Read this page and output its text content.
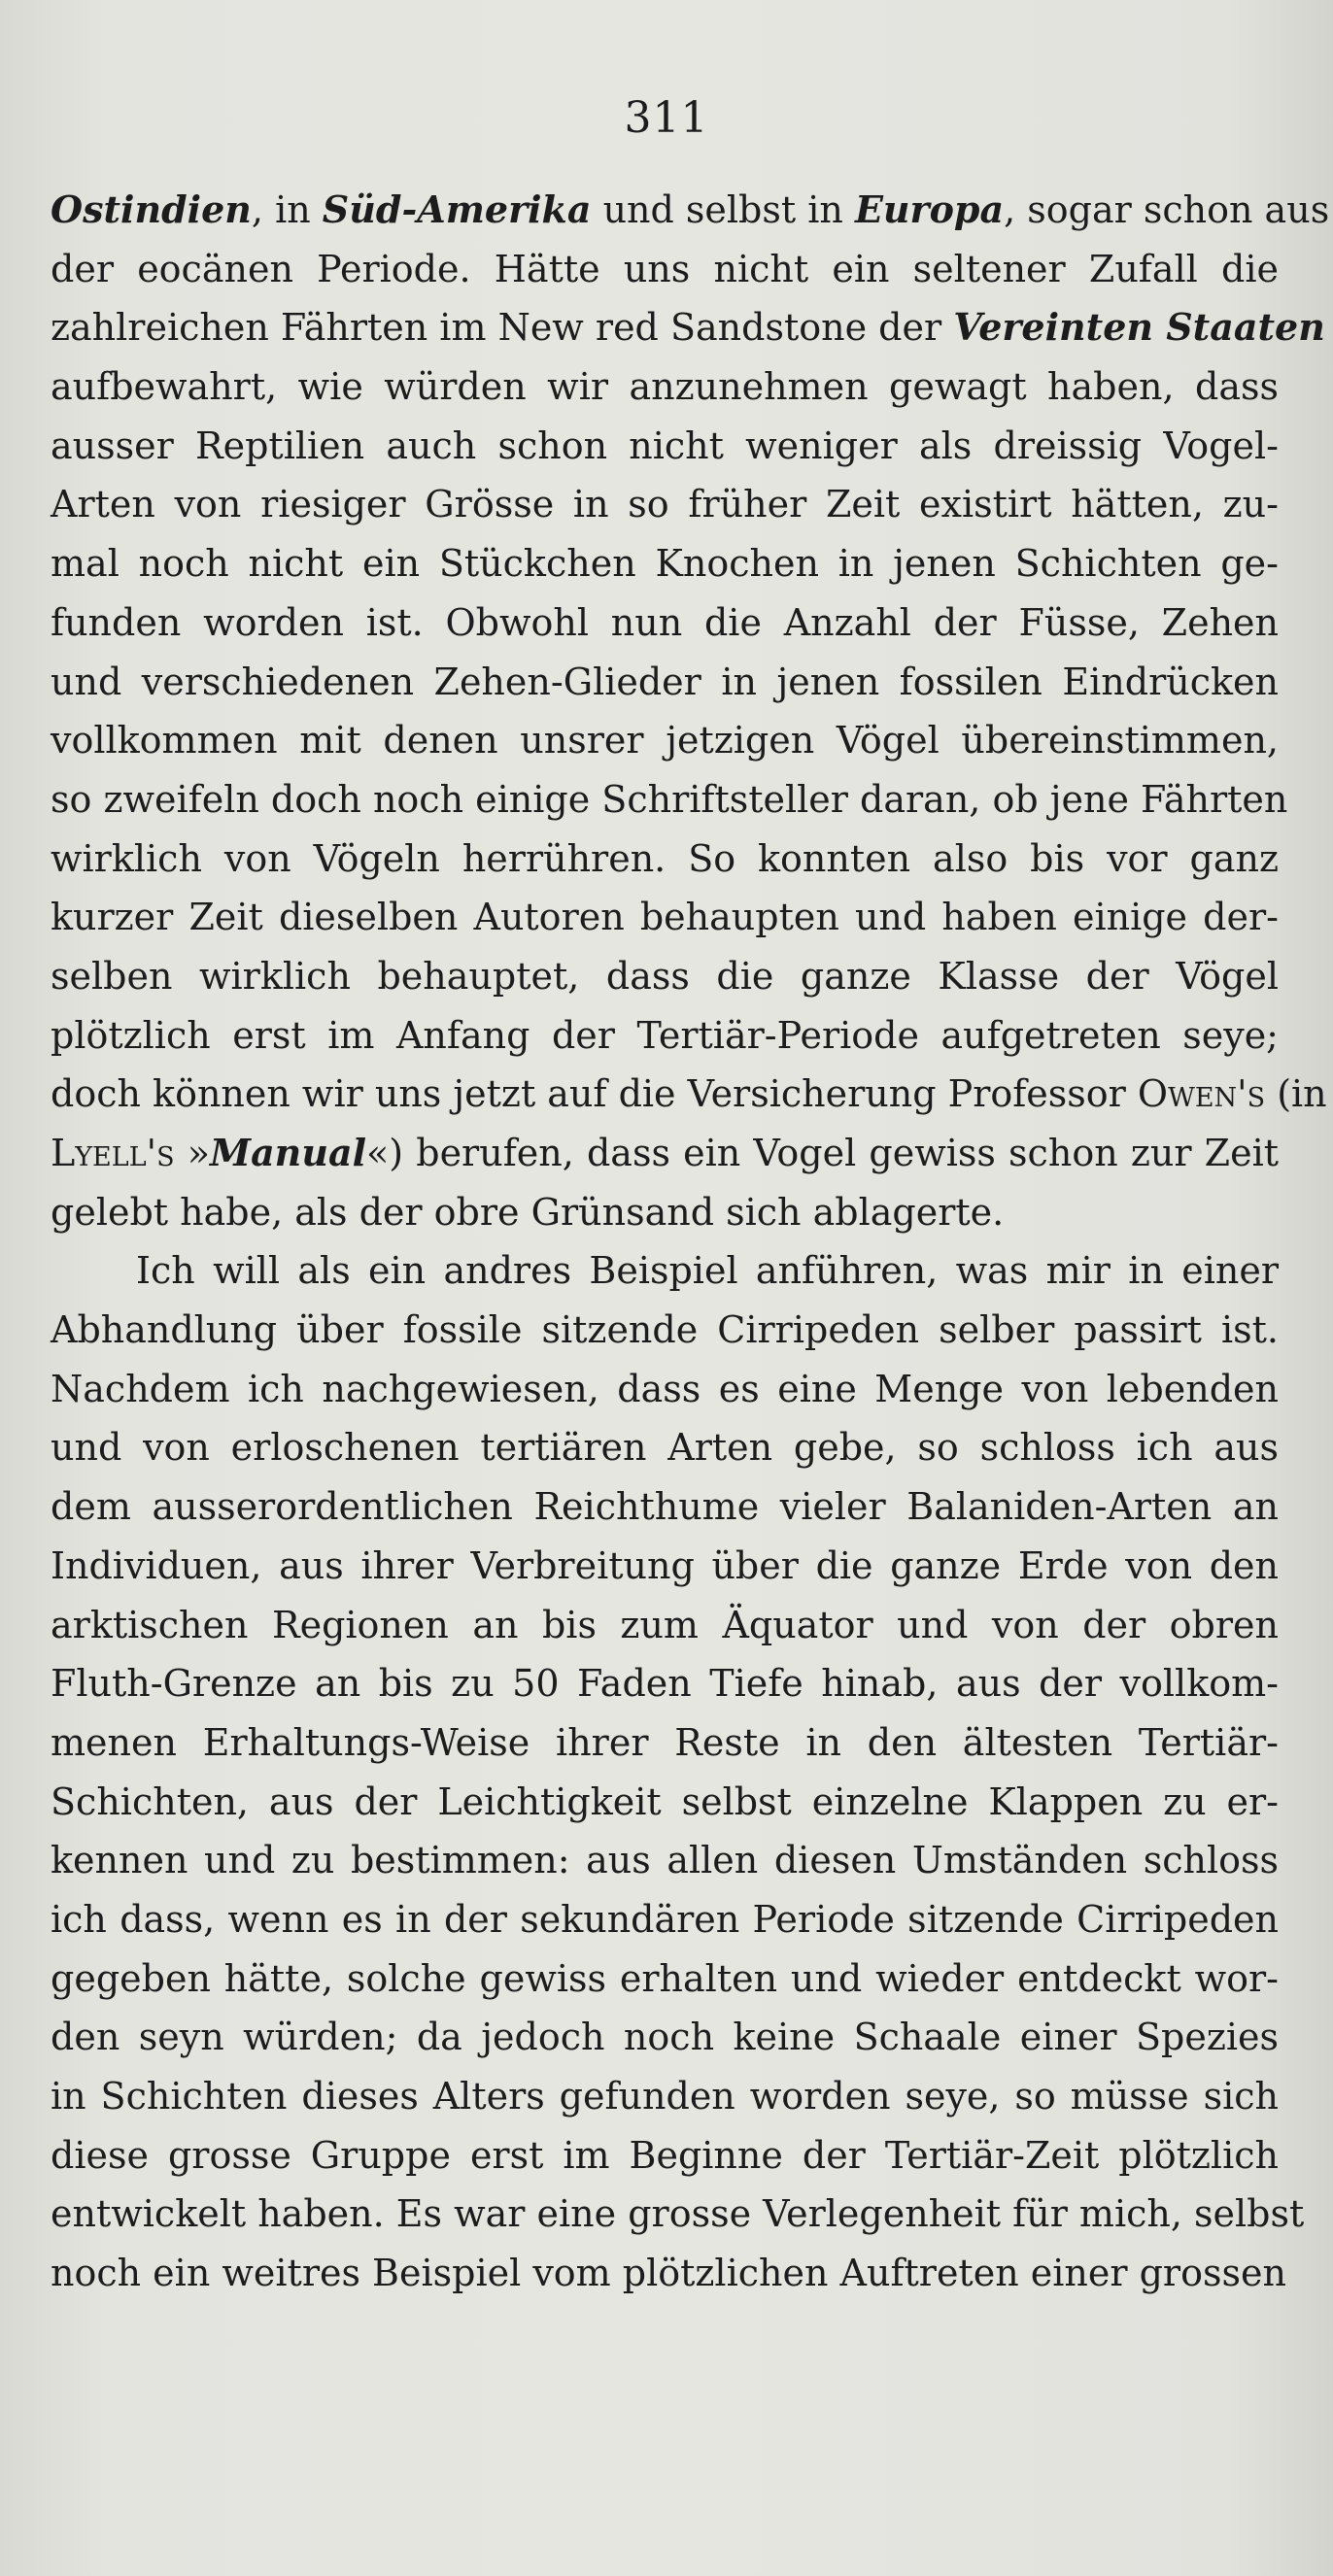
311
Ostindien, in Süd-Amerika und selbst in Europa, sogar schon aus
der eocänen Periode. Hätte uns nicht ein seltener Zufall die
zahlreichen Fährten im New red Sandstone der Vereinten Staaten
aufbewahrt, wie würden wir anzunehmen gewagt haben, dass
ausser Reptilien auch schon nicht weniger als dreissig Vogel-
Arten von riesiger Grösse in so früher Zeit existirt hätten, zu-
mal noch nicht ein Stückchen Knochen in jenen Schichten ge-
funden worden ist. Obwohl nun die Anzahl der Füsse, Zehen
und verschiedenen Zehen-Glieder in jenen fossilen Eindrücken
vollkommen mit denen unsrer jetzigen Vögel übereinstimmen,
so zweifeln doch noch einige Schriftsteller daran, ob jene Fährten
wirklich von Vögeln herrühren. So konnten also bis vor ganz
kurzer Zeit dieselben Autoren behaupten und haben einige der-
selben wirklich behauptet, dass die ganze Klasse der Vögel
plötzlich erst im Anfang der Tertiär-Periode aufgetreten seye;
doch können wir uns jetzt auf die Versicherung Professor Owen's (in
Lyell's »Manual«) berufen, dass ein Vogel gewiss schon zur Zeit
gelebt habe, als der obre Grünsand sich ablagerte.
Ich will als ein andres Beispiel anführen, was mir in einer
Abhandlung über fossile sitzende Cirripeden selber passirt ist.
Nachdem ich nachgewiesen, dass es eine Menge von lebenden
und von erloschenen tertiären Arten gebe, so schloss ich aus
dem ausserordentlichen Reichthume vieler Balaniden-Arten an
Individuen, aus ihrer Verbreitung über die ganze Erde von den
arktischen Regionen an bis zum Äquator und von der obren
Fluth-Grenze an bis zu 50 Faden Tiefe hinab, aus der vollkom-
menen Erhaltungs-Weise ihrer Reste in den ältesten Tertiär-
Schichten, aus der Leichtigkeit selbst einzelne Klappen zu er-
kennen und zu bestimmen: aus allen diesen Umständen schloss
ich dass, wenn es in der sekundären Periode sitzende Cirripeden
gegeben hätte, solche gewiss erhalten und wieder entdeckt wor-
den seyn würden; da jedoch noch keine Schaale einer Spezies
in Schichten dieses Alters gefunden worden seye, so müsse sich
diese grosse Gruppe erst im Beginne der Tertiär-Zeit plötzlich
entwickelt haben. Es war eine grosse Verlegenheit für mich, selbst
noch ein weitres Beispiel vom plötzlichen Auftreten einer grossen
